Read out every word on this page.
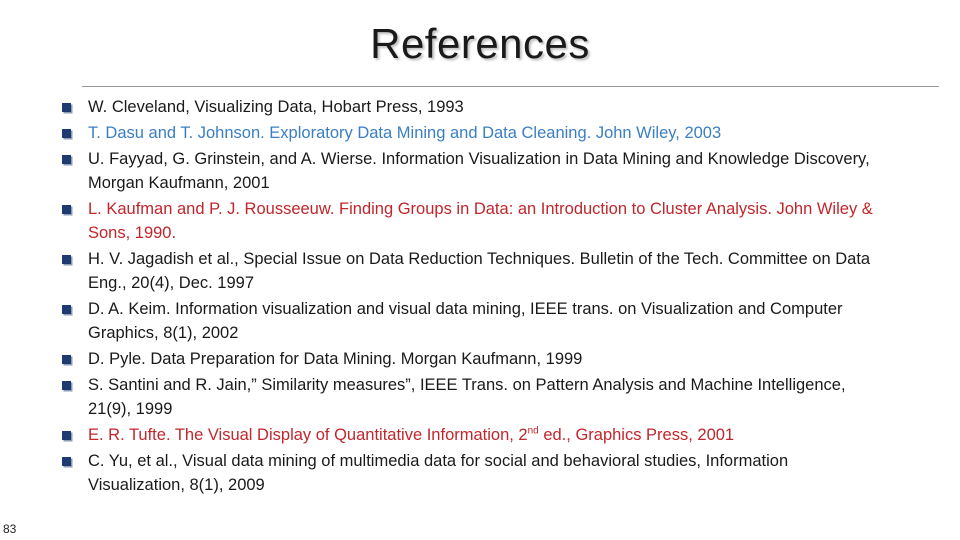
References
W. Cleveland, Visualizing Data, Hobart Press, 1993
T. Dasu and T. Johnson. Exploratory Data Mining and Data Cleaning. John Wiley, 2003
U. Fayyad, G. Grinstein, and A. Wierse. Information Visualization in Data Mining and Knowledge Discovery, Morgan Kaufmann, 2001
L. Kaufman and P. J. Rousseeuw. Finding Groups in Data: an Introduction to Cluster Analysis. John Wiley & Sons, 1990.
H. V. Jagadish et al., Special Issue on Data Reduction Techniques. Bulletin of the Tech. Committee on Data Eng., 20(4), Dec. 1997
D. A. Keim. Information visualization and visual data mining, IEEE trans. on Visualization and Computer Graphics, 8(1), 2002
D. Pyle. Data Preparation for Data Mining. Morgan Kaufmann, 1999
S. Santini and R. Jain,” Similarity measures”, IEEE Trans. on Pattern Analysis and Machine Intelligence, 21(9), 1999
E. R. Tufte. The Visual Display of Quantitative Information, 2nd ed., Graphics Press, 2001
C. Yu, et al., Visual data mining of multimedia data for social and behavioral studies, Information Visualization, 8(1), 2009
83
